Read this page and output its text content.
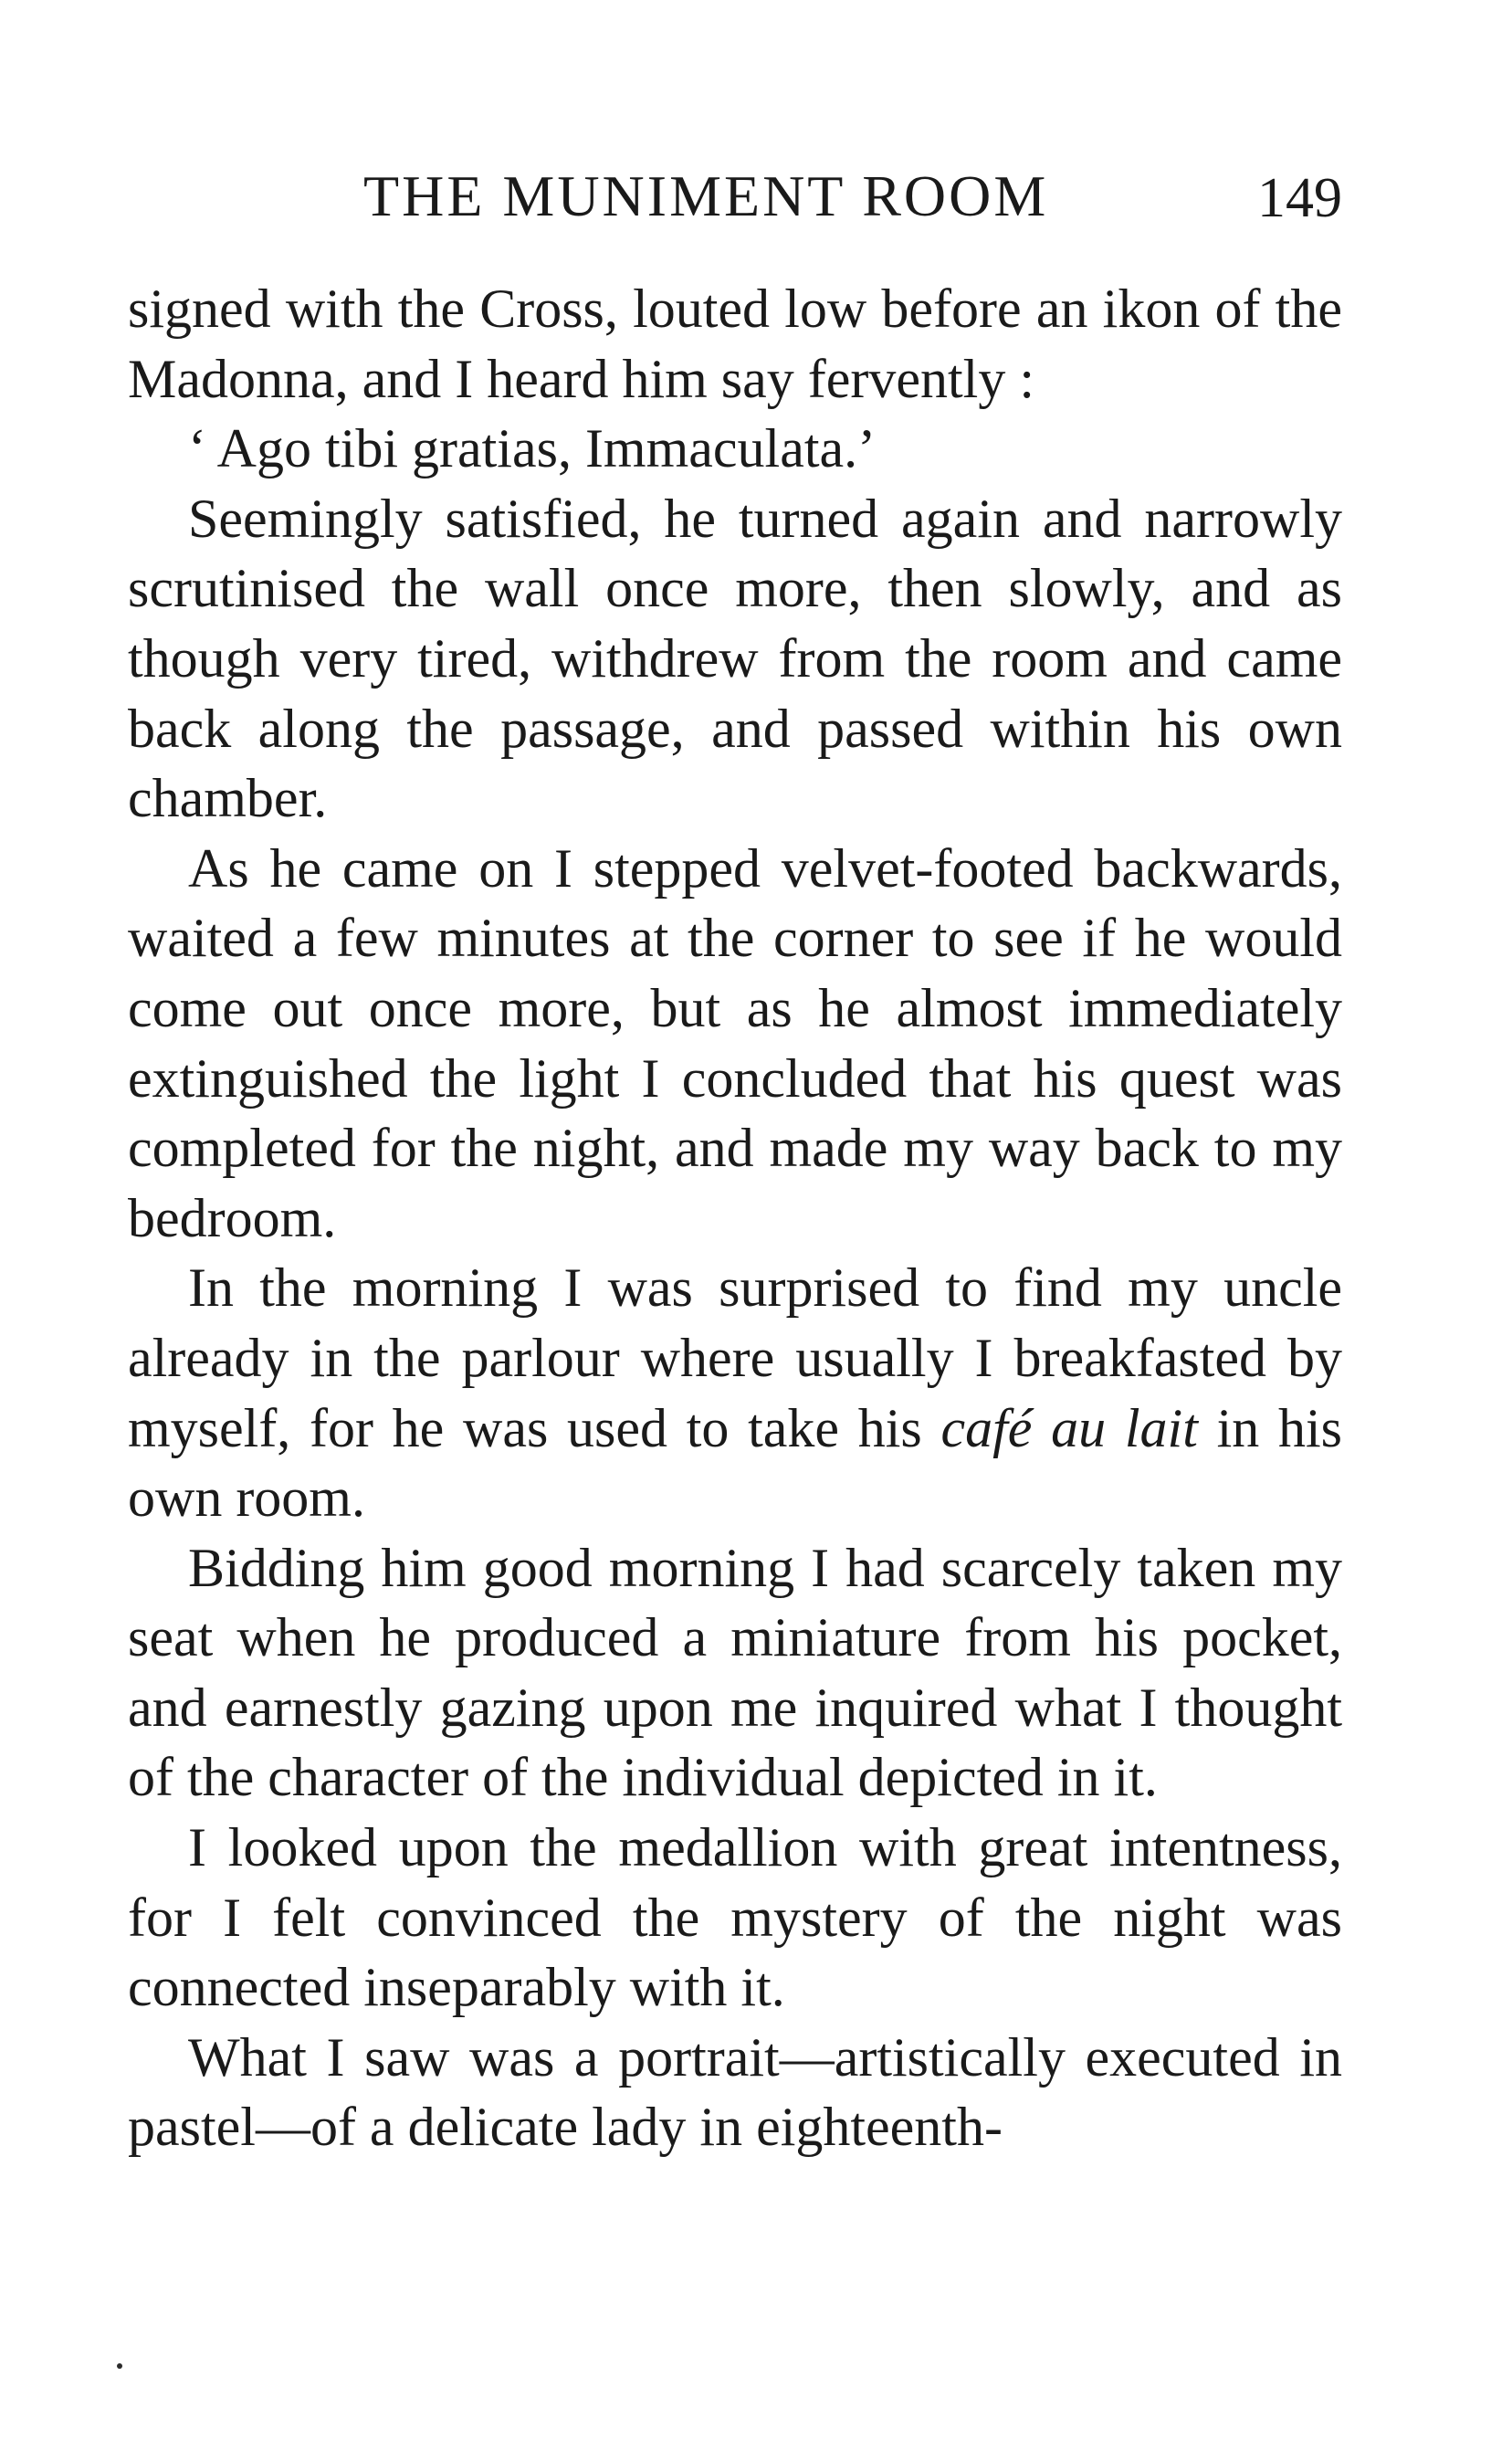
THE MUNIMENT ROOM	149

signed with the Cross, louted low before an ikon of the Madonna, and I heard him say fervently :

‘ Ago tibi gratias, Immaculata.’

Seemingly satisfied, he turned again and narrowly scrutinised the wall once more, then slowly, and as though very tired, withdrew from the room and came back along the passage, and passed within his own chamber.

As he came on I stepped velvet-footed backwards, waited a few minutes at the corner to see if he would come out once more, but as he almost immediately extinguished the light I concluded that his quest was completed for the night, and made my way back to my bedroom.

In the morning I was surprised to find my uncle already in the parlour where usually I breakfasted by myself, for he was used to take his café au lait in his own room.

Bidding him good morning I had scarcely taken my seat when he produced a miniature from his pocket, and earnestly gazing upon me inquired what I thought of the character of the individual depicted in it.

I looked upon the medallion with great intentness, for I felt convinced the mystery of the night was connected inseparably with it.

What I saw was a portrait—artistically executed in pastel—of a delicate lady in eighteenth-
